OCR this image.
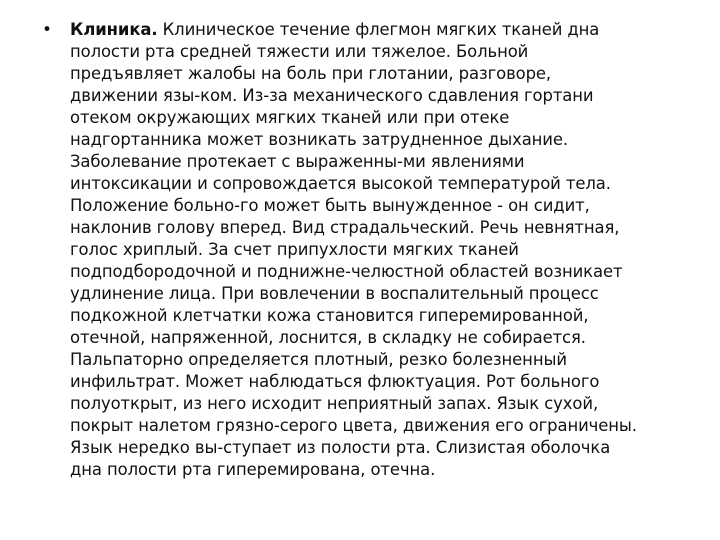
• Клиника. Клиническое течение флегмон мягких тканей дна
полости рта средней тяжести или тяжелое. Больной
предъявляет жалобы на боль при глотании, разговоре,
движении язы-ком. Из-за механического сдавления гортани
отеком окружающих мягких тканей или при отеке
надгортанника может возникать затрудненное дыхание.
Заболевание протекает с выраженны-ми явлениями
интоксикации и сопровождается высокой температурой тела.
Положение больно-го может быть вынужденное - он сидит,
наклонив голову вперед. Вид страдальческий. Речь невнятная,
голос хриплый. За счет припухлости мягких тканей
подподбородочной и поднижне-челюстной областей возникает
удлинение лица. При вовлечении в воспалительный процесс
подкожной клетчатки кожа становится гиперемированной,
отечной, напряженной, лоснится, в складку не собирается.
Пальпаторно определяется плотный, резко болезненный
инфильтрат. Может наблюдаться флюктуация. Рот больного
полуоткрыт, из него исходит неприятный запах. Язык сухой,
покрыт налетом грязно-серого цвета, движения его ограничены.
Язык нередко вы-ступает из полости рта. Слизистая оболочка
дна полости рта гиперемирована, отечна.
